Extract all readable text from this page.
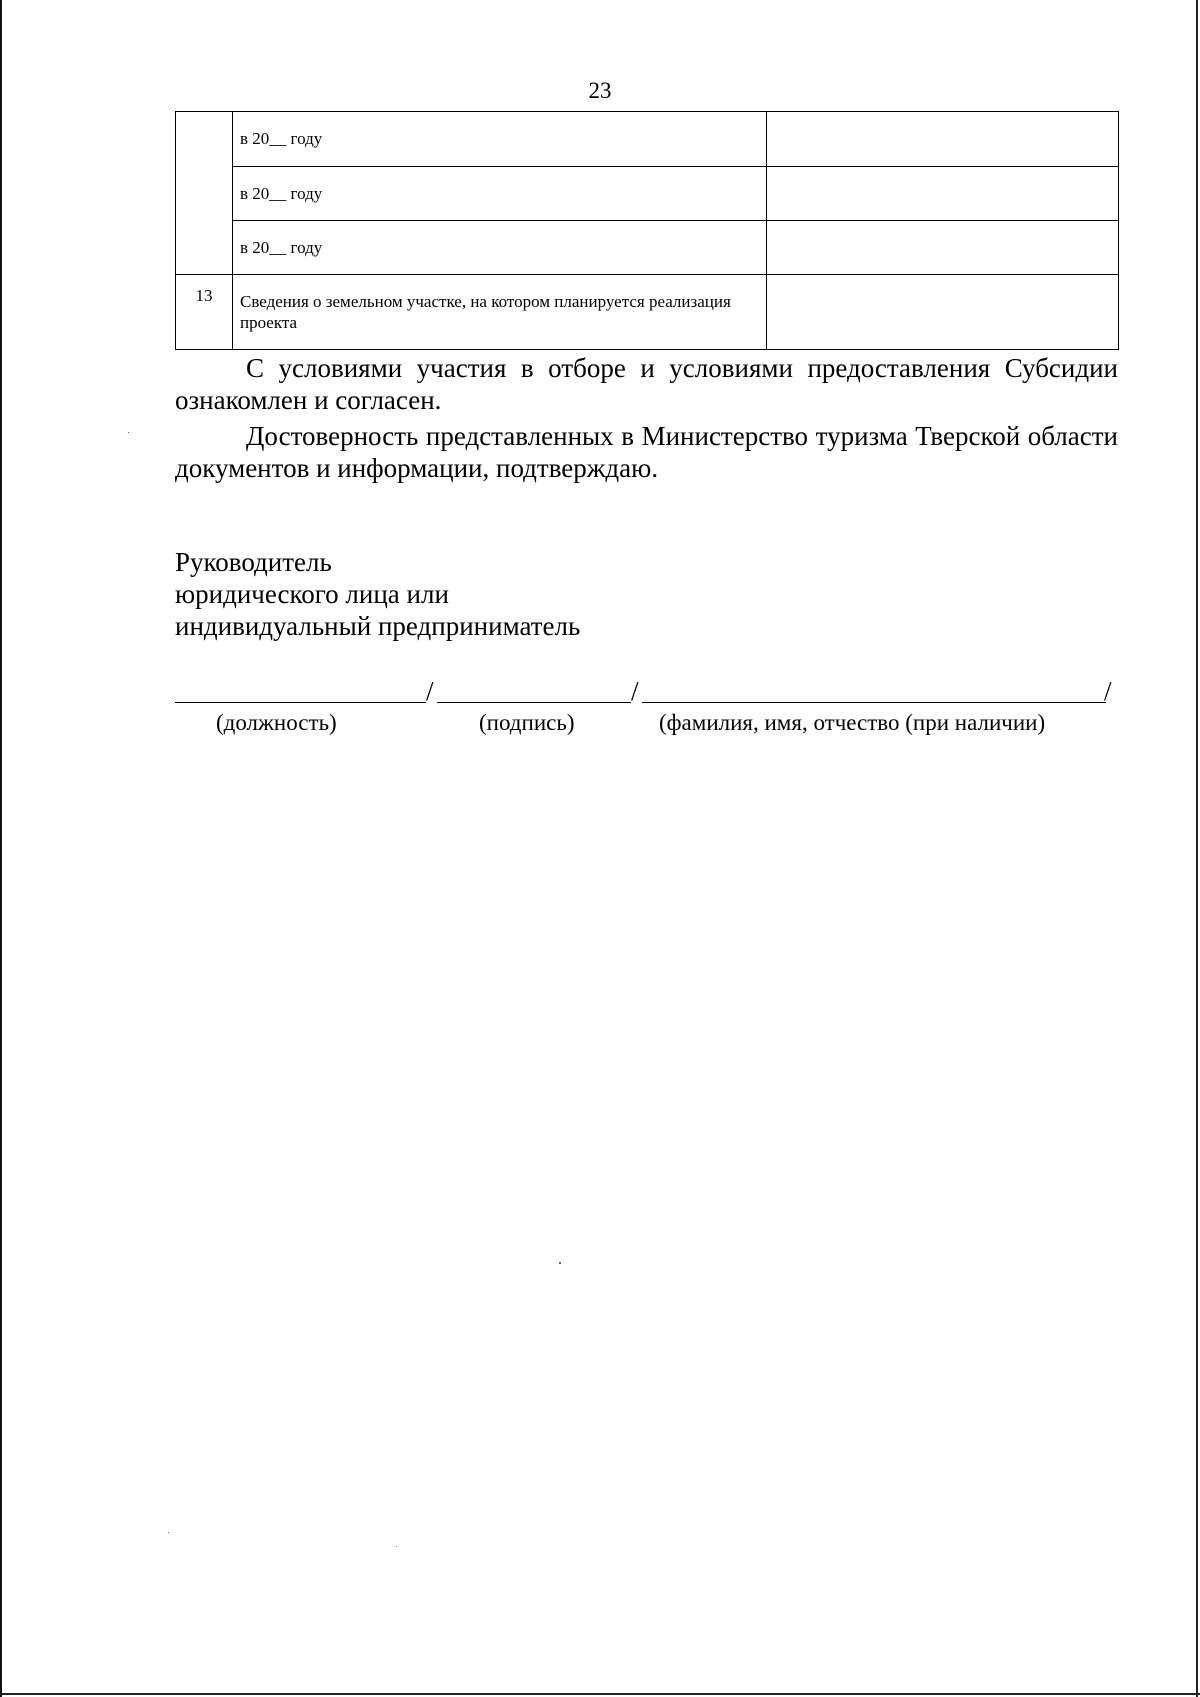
23
	в 20__ году	
	в 20__ году	
	в 20__ году	
13	Сведения о земельном участке, на котором планируется реализация проекта	

С условиями участия в отборе и условиями предоставления Субсидии ознакомлен и согласен.

Достоверность представленных в Министерство туризма Тверской области документов и информации, подтверждаю.

Руководитель
юридического лица или
индивидуальный предприниматель
/	/	/
(должность)	(подпись)	(фамилия, имя, отчество (при наличии)
